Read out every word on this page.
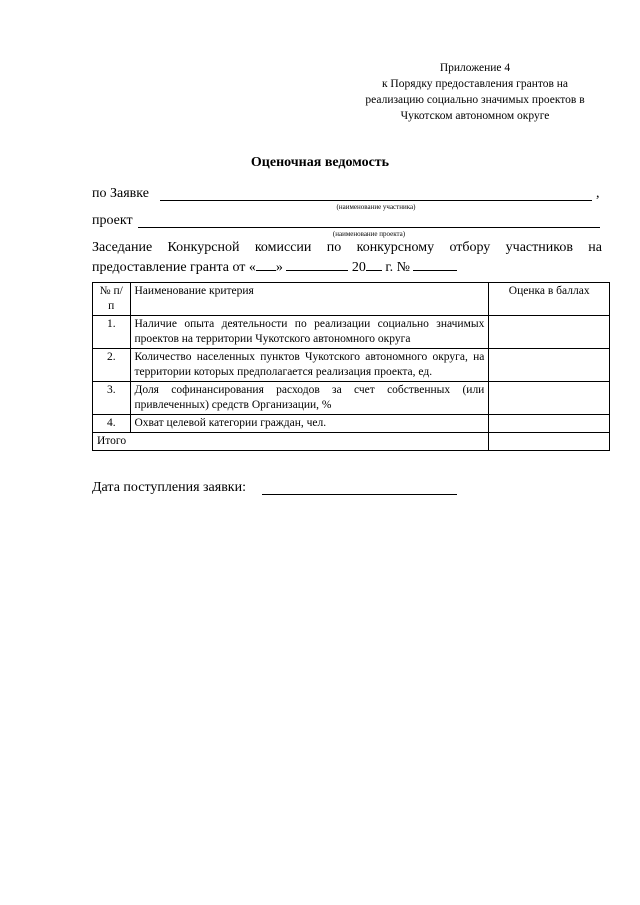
Приложение 4
к Порядку предоставления грантов на
реализацию социально значимых проектов в
Чукотском автономном округе
Оценочная ведомость
по Заявке	,
(наименование участника)
проект
(наименование проекта)
Заседание Конкурсной комиссии по конкурсному отбору участников на
предоставление гранта от « »	20 г. №
№ п/п	Наименование критерия	Оценка в баллах
1.	Наличие опыта деятельности по реализации социально значимых проектов на территории Чукотского автономного округа	
2.	Количество населенных пунктов Чукотского автономного округа, на территории которых предполагается реализация проекта, ед.	
3.	Доля софинансирования расходов за счет собственных (или привлеченных) средств Организации, %	
4.	Охват целевой категории граждан, чел.	
Итого		
Дата поступления заявки:
